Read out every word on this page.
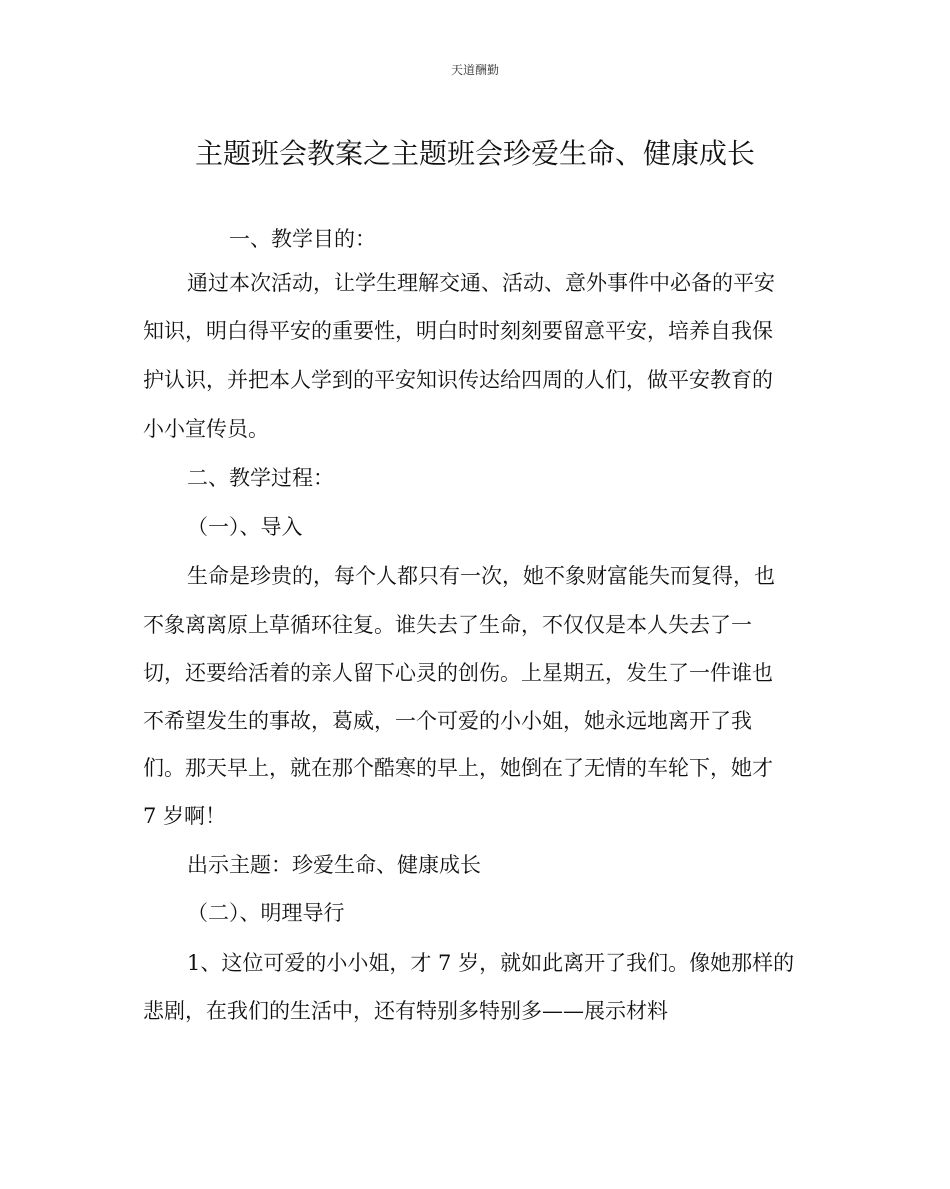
天道酬勤
主题班会教案之主题班会珍爱生命、健康成长
一、教学目的：
通过本次活动，让学生理解交通、活动、意外事件中必备的平安
知识，明白得平安的重要性，明白时时刻刻要留意平安，培养自我保
护认识，并把本人学到的平安知识传达给四周的人们，做平安教育的
小小宣传员。
二、教学过程：
（一）、导入
生命是珍贵的，每个人都只有一次，她不象财富能失而复得，也
不象离离原上草循环往复。谁失去了生命，不仅仅是本人失去了一
切，还要给活着的亲人留下心灵的创伤。上星期五，发生了一件谁也
不希望发生的事故，葛威，一个可爱的小小姐，她永远地离开了我
们。那天早上，就在那个酷寒的早上，她倒在了无情的车轮下，她才
7 岁啊！
出示主题：珍爱生命、健康成长
（二）、明理导行
1、这位可爱的小小姐，才 7 岁，就如此离开了我们。像她那样的
悲剧，在我们的生活中，还有特别多特别多——展示材料
